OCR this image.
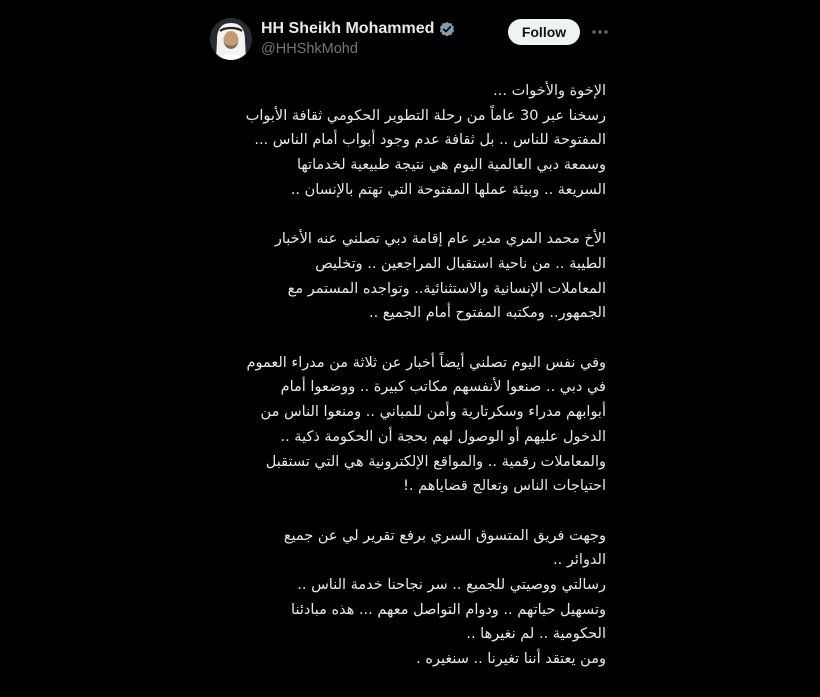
HH Sheikh Mohammed
@HHShkMohd
Follow

الإخوة والأخوات ...
رسخنا عبر 30 عاماً من رحلة التطوير الحكومي ثقافة الأبواب
المفتوحة للناس .. بل ثقافة عدم وجود أبواب أمام الناس ...
وسمعة دبي العالمية اليوم هي نتيجة طبيعية لخدماتها
السريعة .. وبيئة عملها المفتوحة التي تهتم بالإنسان ..

الأخ محمد المري مدير عام إقامة دبي تصلني عنه الأخبار
الطيبة .. من ناحية استقبال المراجعين .. وتخليص
المعاملات الإنسانية والاستثنائية.. وتواجده المستمر مع
الجمهور.. ومكتبه المفتوح أمام الجميع ..

وفي نفس اليوم تصلني أيضاً أخبار عن ثلاثة من مدراء العموم
في دبي .. صنعوا لأنفسهم مكاتب كبيرة .. ووضعوا أمام
أبوابهم مدراء وسكرتارية وأمن للمباني .. ومنعوا الناس من
الدخول عليهم أو الوصول لهم بحجة أن الحكومة ذكية ..
والمعاملات رقمية .. والمواقع الإلكترونية هي التي تستقبل
احتياجات الناس وتعالج قضاياهم .!

وجهت فريق المتسوق السري برفع تقرير لي عن جميع
الدوائر ..
رسالتي ووصيتي للجميع .. سر نجاحنا خدمة الناس ..
وتسهيل حياتهم .. ودوام التواصل معهم ... هذه مبادئنا
الحكومية .. لم نغيرها ..
ومن يعتقد أننا تغيرنا .. سنغيره .
